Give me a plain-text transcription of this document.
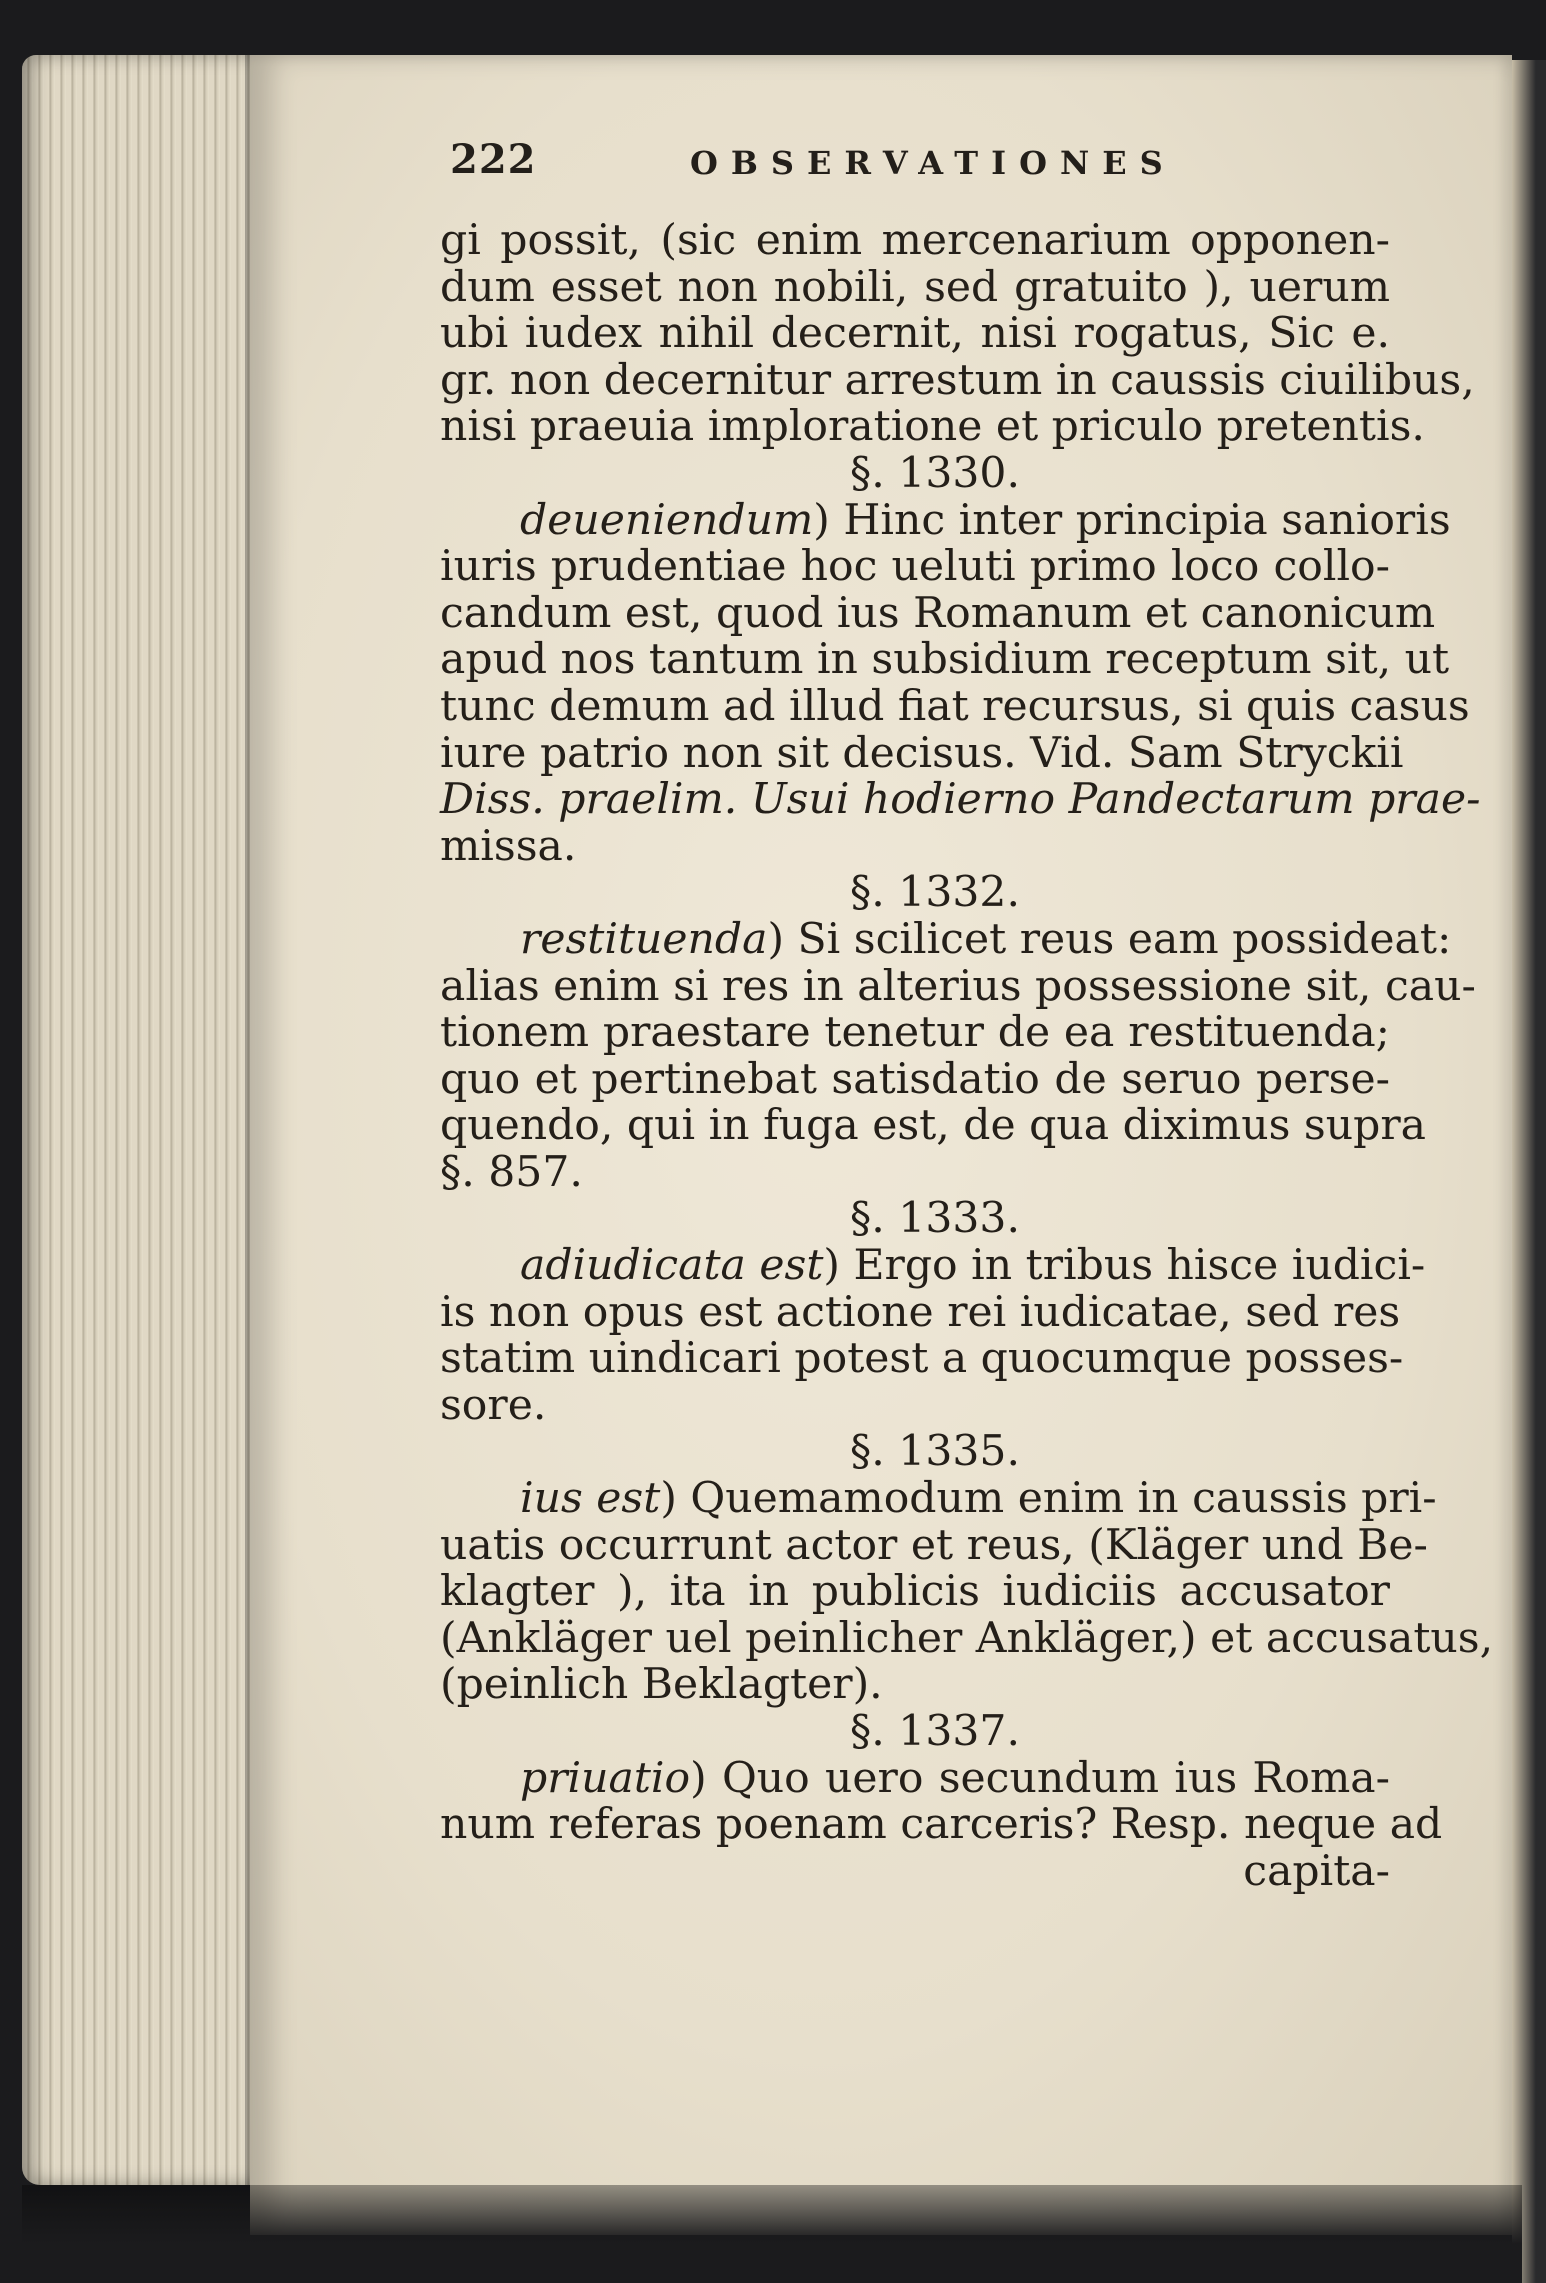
222	OBSERVATIONES
gi possit, (sic enim mercenarium opponen-
dum esset non nobili, sed gratuito ), uerum
ubi iudex nihil decernit, nisi rogatus, Sic e.
gr. non decernitur arrestum in caussis ciuilibus,
nisi praeuia imploratione et priculo pretentis.
§. 1330.
deueniendum) Hinc inter principia sanioris
iuris prudentiae hoc ueluti primo loco collo-
candum est, quod ius Romanum et canonicum
apud nos tantum in subsidium receptum sit, ut
tunc demum ad illud fiat recursus, si quis casus
iure patrio non sit decisus. Vid. Sam Stryckii
Diss. praelim. Usui hodierno Pandectarum prae-
missa.
§. 1332.
restituenda) Si scilicet reus eam possideat:
alias enim si res in alterius possessione sit, cau-
tionem praestare tenetur de ea restituenda;
quo et pertinebat satisdatio de seruo perse-
quendo, qui in fuga est, de qua diximus supra
§. 857.
§. 1333.
adiudicata est) Ergo in tribus hisce iudici-
is non opus est actione rei iudicatae, sed res
statim uindicari potest a quocumque posses-
sore.
§. 1335.
ius est) Quemamodum enim in caussis pri-
uatis occurrunt actor et reus, (Kläger und Be-
klagter ), ita in publicis iudiciis accusator
(Ankläger uel peinlicher Ankläger,) et accusatus,
(peinlich Beklagter).
§. 1337.
priuatio) Quo uero secundum ius Roma-
num referas poenam carceris? Resp. neque ad
capita-
